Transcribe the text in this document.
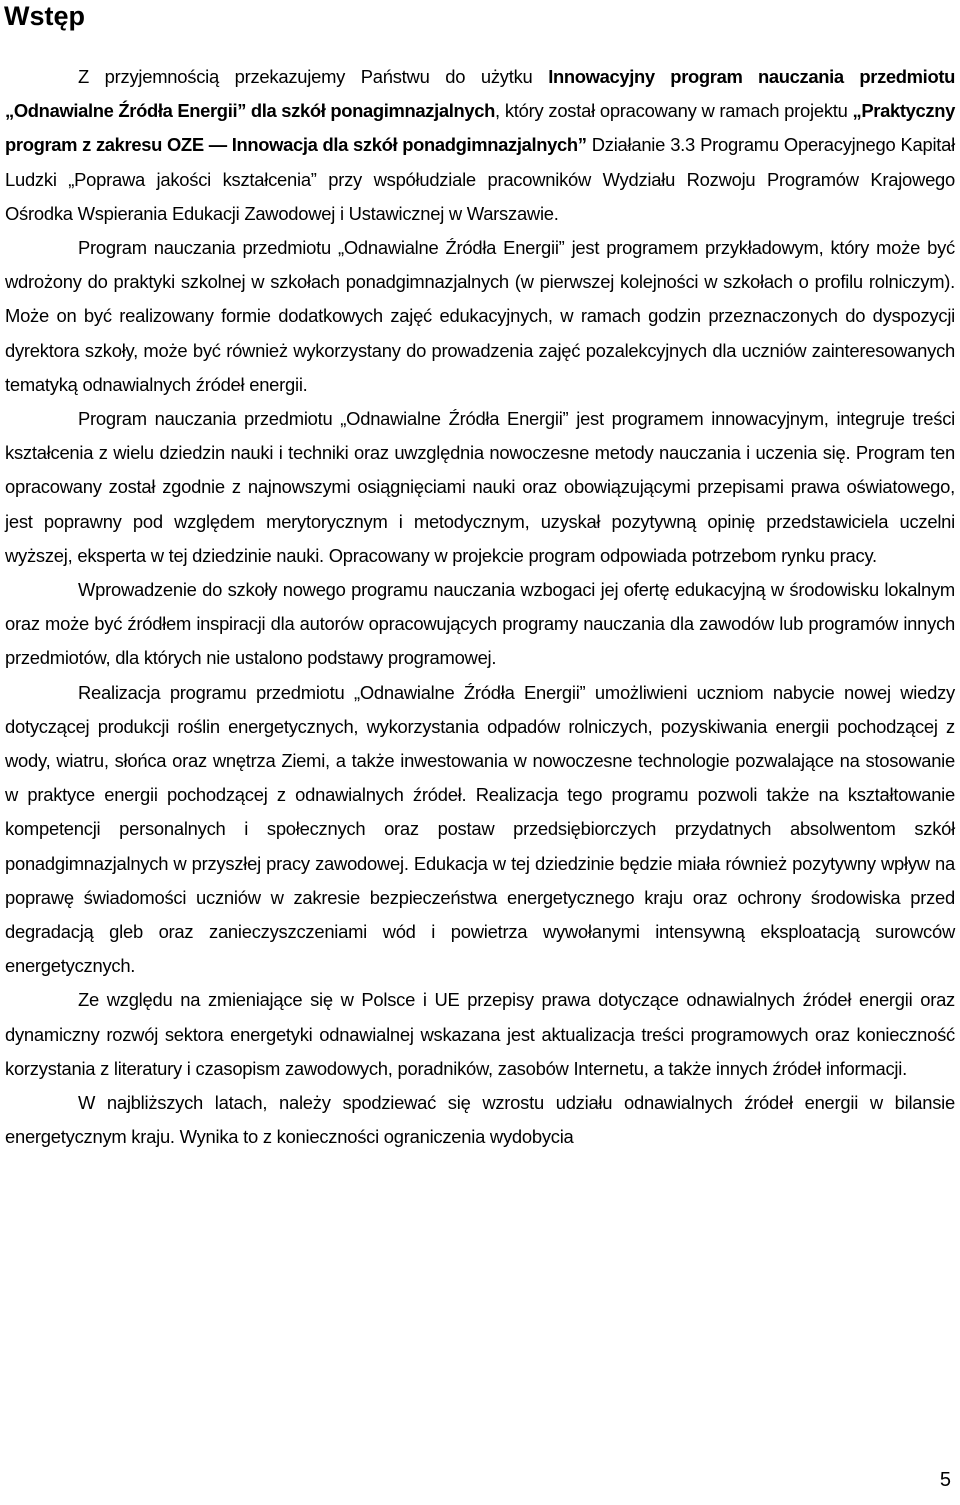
Wstęp

Z przyjemnością przekazujemy Państwu do użytku Innowacyjny program nauczania przedmiotu „Odnawialne Źródła Energii” dla szkół ponagimnazjalnych, który został opracowany w ramach projektu „Praktyczny program z zakresu OZE — Innowacja dla szkół ponadgimnazjalnych” Działanie 3.3 Programu Operacyjnego Kapitał Ludzki „Poprawa jakości kształcenia” przy współudziale pracowników Wydziału Rozwoju Programów Krajowego Ośrodka Wspierania Edukacji Zawodowej i Ustawicznej w Warszawie.

Program nauczania przedmiotu „Odnawialne Źródła Energii” jest programem przykładowym, który może być wdrożony do praktyki szkolnej w szkołach ponadgimnazjalnych (w pierwszej kolejności w szkołach o profilu rolniczym). Może on być realizowany formie dodatkowych zajęć edukacyjnych, w ramach godzin przeznaczonych do dyspozycji dyrektora szkoły, może być również wykorzystany do prowadzenia zajęć pozalekcyjnych dla uczniów zainteresowanych tematyką odnawialnych źródeł energii.

Program nauczania przedmiotu „Odnawialne Źródła Energii” jest programem innowacyjnym, integruje treści kształcenia z wielu dziedzin nauki i techniki oraz uwzględnia nowoczesne metody nauczania i uczenia się. Program ten opracowany został zgodnie z najnowszymi osiągnięciami nauki oraz obowiązującymi przepisami prawa oświatowego, jest poprawny pod względem merytorycznym i metodycznym, uzyskał pozytywną opinię przedstawiciela uczelni wyższej, eksperta w tej dziedzinie nauki. Opracowany w projekcie program odpowiada potrzebom rynku pracy.

Wprowadzenie do szkoły nowego programu nauczania wzbogaci jej ofertę edukacyjną w środowisku lokalnym oraz może być źródłem inspiracji dla autorów opracowujących programy nauczania dla zawodów lub programów innych przedmiotów, dla których nie ustalono podstawy programowej.

Realizacja programu przedmiotu „Odnawialne Źródła Energii” umożliwieni uczniom nabycie nowej wiedzy dotyczącej produkcji roślin energetycznych, wykorzystania odpadów rolniczych, pozyskiwania energii pochodzącej z wody, wiatru, słońca oraz wnętrza Ziemi, a także inwestowania w nowoczesne technologie pozwalające na stosowanie w praktyce energii pochodzącej z odnawialnych źródeł. Realizacja tego programu pozwoli także na kształtowanie kompetencji personalnych i społecznych oraz postaw przedsiębiorczych przydatnych absolwentom szkół ponadgimnazjalnych w przyszłej pracy zawodowej. Edukacja w tej dziedzinie będzie miała również pozytywny wpływ na poprawę świadomości uczniów w zakresie bezpieczeństwa energetycznego kraju oraz ochrony środowiska przed degradacją gleb oraz zanieczyszczeniami wód i powietrza wywołanymi intensywną eksploatacją surowców energetycznych.

Ze względu na zmieniające się w Polsce i UE przepisy prawa dotyczące odnawialnych źródeł energii oraz dynamiczny rozwój sektora energetyki odnawialnej wskazana jest aktualizacja treści programowych oraz konieczność korzystania z literatury i czasopism zawodowych, poradników, zasobów Internetu, a także innych źródeł informacji.

W najbliższych latach, należy spodziewać się wzrostu udziału odnawialnych źródeł energii w bilansie energetycznym kraju. Wynika to z konieczności ograniczenia wydobycia

5
